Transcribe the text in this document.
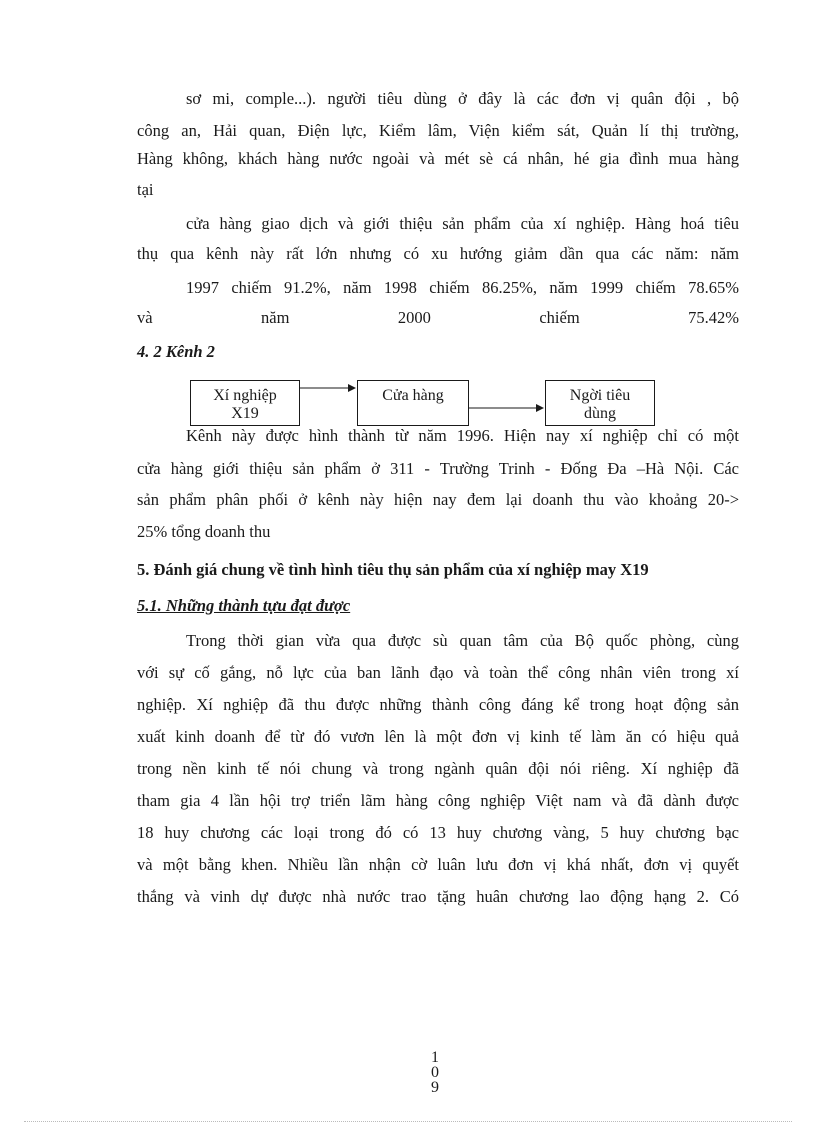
sơ mi, comple...). người tiêu dùng ở đây là các đơn vị quân đội , bộ
công an, Hải quan, Điện lực, Kiểm lâm, Viện kiểm sát, Quản lí thị trường,
Hàng không, khách hàng nước ngoài và mét sè cá nhân, hé gia đình mua hàng
tại
cửa hàng giao dịch và giới thiệu sản phẩm của xí nghiệp. Hàng hoá tiêu
thụ qua kênh này rất lớn nhưng có xu hướng giảm dần qua các năm: năm
1997 chiếm 91.2%, năm 1998 chiếm 86.25%, năm 1999 chiếm 78.65%
và năm 2000 chiếm 75.42%
4. 2 Kênh 2
Kênh này được hình thành từ năm 1996. Hiện nay xí nghiệp chỉ có một
Xí nghiệp
X19
Cửa hàng	Ngời tiêu
dùng
cửa hàng giới thiệu sản phẩm ở 311 - Trường Trinh - Đống Đa –Hà Nội. Các
sản phẩm phân phối ở kênh này hiện nay đem lại doanh thu vào khoảng 20->
25% tổng doanh thu
5. Đánh giá chung về tình hình tiêu thụ sản phẩm của xí nghiệp may X19
5.1. Những thành tựu đạt được
Trong thời gian vừa qua được sù quan tâm của Bộ quốc phòng, cùng
với sự cố gắng, nỗ lực của ban lãnh đạo và toàn thể công nhân viên trong xí
nghiệp. Xí nghiệp đã thu được những thành công đáng kể trong hoạt động sản
xuất kinh doanh để từ đó vươn lên là một đơn vị kinh tế làm ăn có hiệu quả
trong nền kinh tế nói chung và trong ngành quân đội nói riêng. Xí nghiệp đã
tham gia 4 lần hội trợ triển lãm hàng công nghiệp Việt nam và đã dành được
18 huy chương các loại trong đó có 13 huy chương vàng, 5 huy chương bạc
và một bằng khen. Nhiều lần nhận cờ luân lưu đơn vị khá nhất, đơn vị quyết
thắng và vinh dự được nhà nước trao tặng huân chương lao động hạng 2. Có
1
0
9
